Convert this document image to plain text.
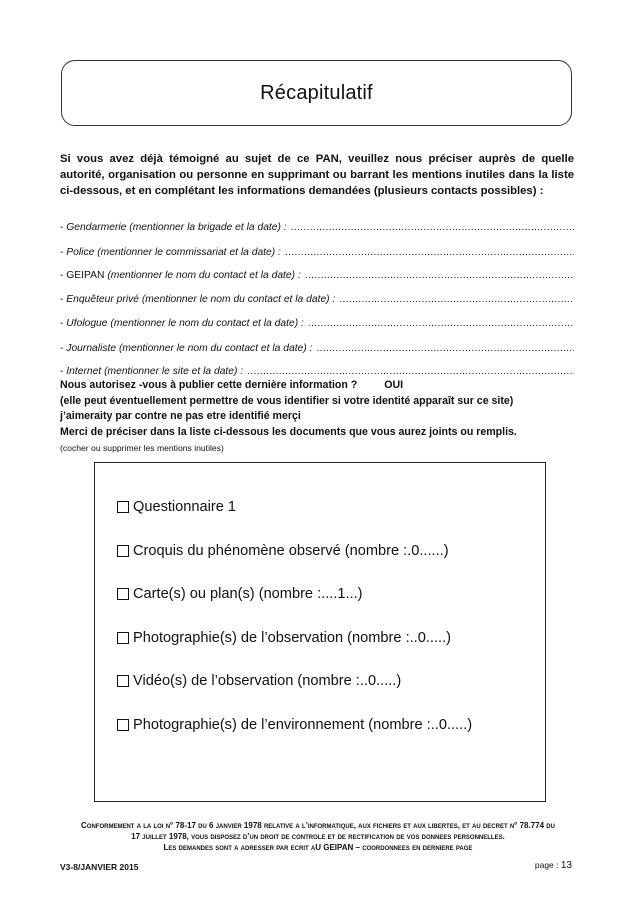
Récapitulatif
Si vous avez déjà témoigné au sujet de ce PAN, veuillez nous préciser auprès de quelle autorité, organisation ou personne en supprimant ou barrant les mentions inutiles dans la liste ci-dessous, et en complétant les informations demandées (plusieurs contacts possibles) :
- Gendarmerie (mentionner la brigade et la date) :
.....
- Police (mentionner le commissariat et la date) :
.....
- GEIPAN (mentionner le nom du contact et la date) :
.....
- Enquêteur privé (mentionner le nom du contact et la date) :
.....
- Ufologue (mentionner le nom du contact et la date) :
.....
- Journaliste (mentionner le nom du contact et la date) :
.....
- Internet (mentionner le site et la date) :
.....
Nous autorisez -vous à publier cette dernière information ?	OUI
(elle peut éventuellement permettre de vous identifier si votre identité apparaît sur ce site)
j’aimeraity par contre ne pas etre identifié merçi
Merci de préciser dans la liste ci-dessous les documents que vous aurez joints ou remplis.
(cocher ou supprimer les mentions inutiles)
Questionnaire 1
Croquis du phénomène observé (nombre :.0......)
Carte(s) ou plan(s) (nombre :....1...)
Photographie(s) de l’observation (nombre :..0.....)
Vidéo(s) de l’observation (nombre :..0.....)
Photographie(s) de l’environnement (nombre :..0.....)
Conformement a la loi n° 78-17 du 6 janvier 1978 relative a l’informatique, aux fichiers et aux libertes, et au decret n° 78.774 du
17 juillet 1978, vous disposez d’un droit de controle et de rectification de vos donnees personnelles.
Les demandes sont a adresser par ecrit aU GEIPAN – coordonnees en derniere page
V3-8/JANVIER 2015	page : 13
